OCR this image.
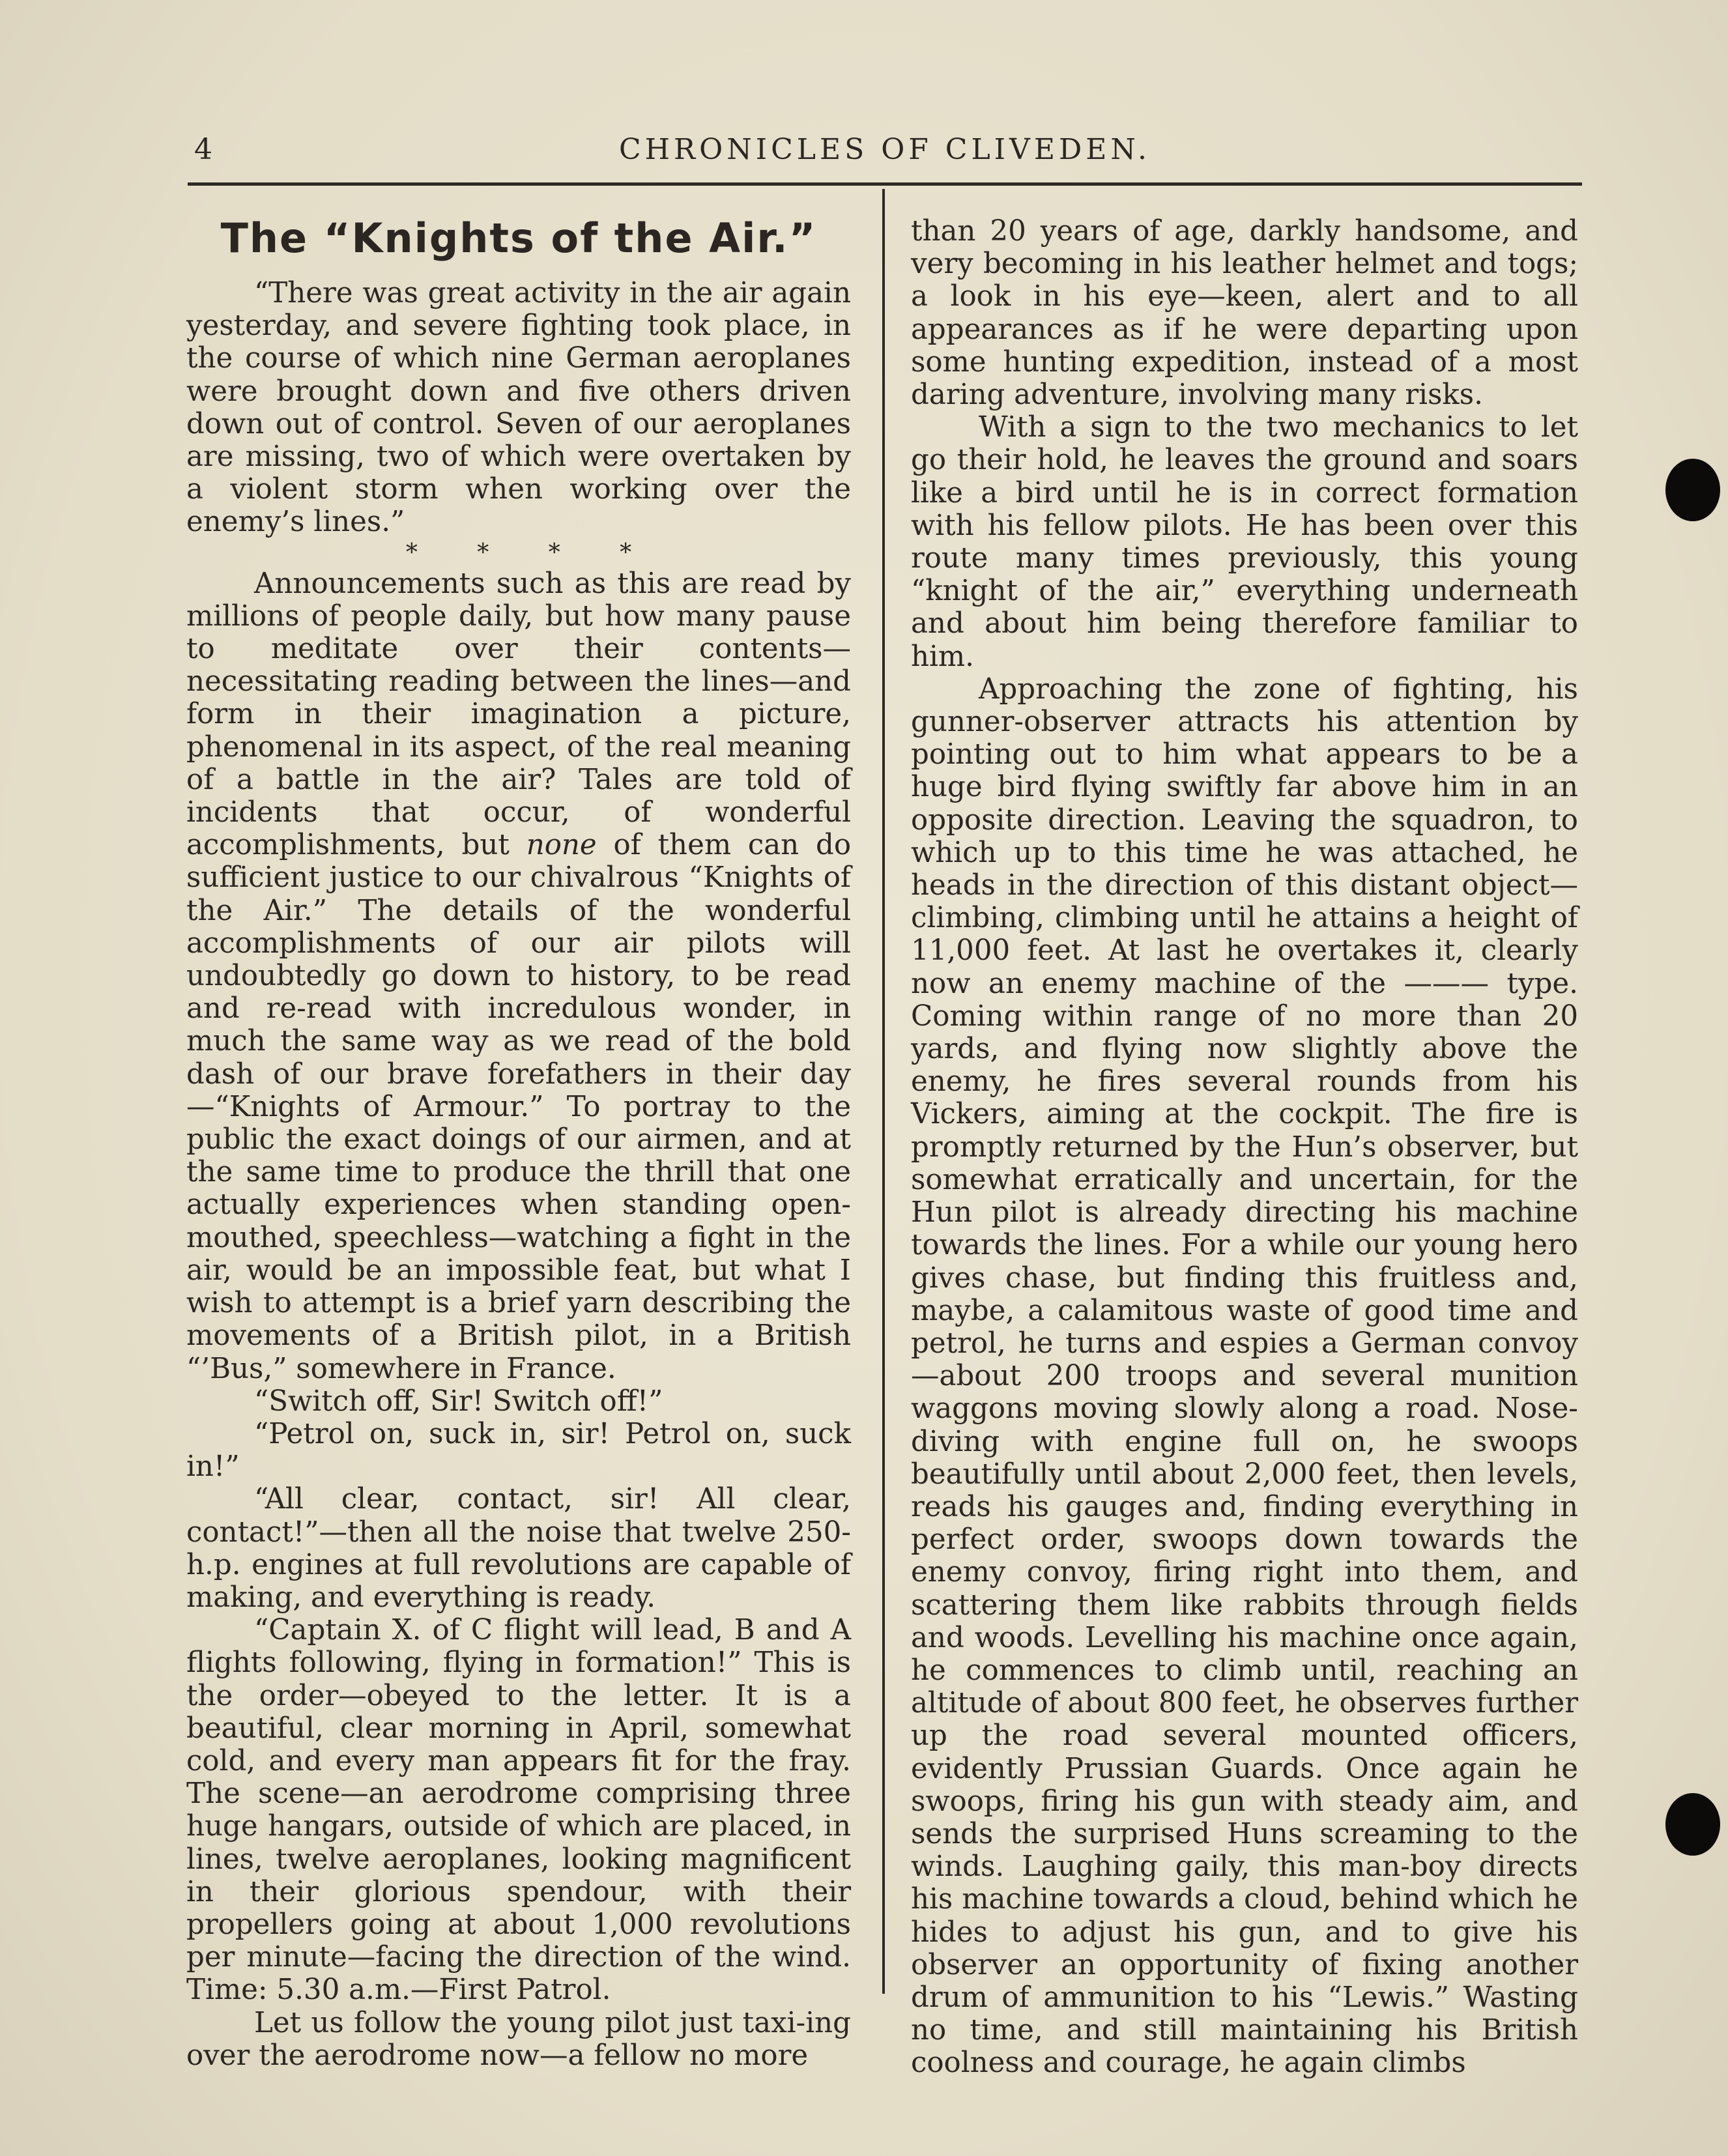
4	CHRONICLES OF CLIVEDEN.
The “Knights of the Air.”

“There was great activity in the air again yesterday, and severe fighting took place, in the course of which nine German aeroplanes were brought down and five others driven down out of control. Seven of our aeroplanes are missing, two of which were overtaken by a violent storm when working over the enemy’s lines.”

* * * *

Announcements such as this are read by millions of people daily, but how many pause to meditate over their contents—necessitating reading between the lines—and form in their imagination a picture, phenomenal in its aspect, of the real meaning of a battle in the air? Tales are told of incidents that occur, of wonderful accomplishments, but none of them can do sufficient justice to our chivalrous “Knights of the Air.” The details of the wonderful accomplishments of our air pilots will undoubtedly go down to history, to be read and re-read with incredulous wonder, in much the same way as we read of the bold dash of our brave forefathers in their day—“Knights of Armour.” To portray to the public the exact doings of our airmen, and at the same time to produce the thrill that one actually experiences when standing open-mouthed, speechless—watching a fight in the air, would be an impossible feat, but what I wish to attempt is a brief yarn describing the movements of a British pilot, in a British “’Bus,” somewhere in France.

“Switch off, Sir! Switch off!”

“Petrol on, suck in, sir! Petrol on, suck in!”

“All clear, contact, sir! All clear, contact!”—then all the noise that twelve 250-h.p. engines at full revolutions are capable of making, and everything is ready.

“Captain X. of C flight will lead, B and A flights following, flying in formation!” This is the order—obeyed to the letter. It is a beautiful, clear morning in April, somewhat cold, and every man appears fit for the fray. The scene—an aerodrome comprising three huge hangars, outside of which are placed, in lines, twelve aeroplanes, looking magnificent in their glorious spendour, with their propellers going at about 1,000 revolutions per minute—facing the direction of the wind. Time: 5.30 a.m.—First Patrol.

Let us follow the young pilot just taxi-ing over the aerodrome now—a fellow no more

than 20 years of age, darkly handsome, and very becoming in his leather helmet and togs; a look in his eye—keen, alert and to all appearances as if he were departing upon some hunting expedition, instead of a most daring adventure, involving many risks.

With a sign to the two mechanics to let go their hold, he leaves the ground and soars like a bird until he is in correct formation with his fellow pilots. He has been over this route many times previously, this young “knight of the air,” everything underneath and about him being therefore familiar to him.

Approaching the zone of fighting, his gunner-observer attracts his attention by pointing out to him what appears to be a huge bird flying swiftly far above him in an opposite direction. Leaving the squadron, to which up to this time he was attached, he heads in the direction of this distant object—climbing, climbing until he attains a height of 11,000 feet. At last he overtakes it, clearly now an enemy machine of the ——— type. Coming within range of no more than 20 yards, and flying now slightly above the enemy, he fires several rounds from his Vickers, aiming at the cockpit. The fire is promptly returned by the Hun’s observer, but somewhat erratically and uncertain, for the Hun pilot is already directing his machine towards the lines. For a while our young hero gives chase, but finding this fruitless and, maybe, a calamitous waste of good time and petrol, he turns and espies a German convoy—about 200 troops and several munition waggons moving slowly along a road. Nose-diving with engine full on, he swoops beautifully until about 2,000 feet, then levels, reads his gauges and, finding everything in perfect order, swoops down towards the enemy convoy, firing right into them, and scattering them like rabbits through fields and woods. Levelling his machine once again, he commences to climb until, reaching an altitude of about 800 feet, he observes further up the road several mounted officers, evidently Prussian Guards. Once again he swoops, firing his gun with steady aim, and sends the surprised Huns screaming to the winds. Laughing gaily, this man-boy directs his machine towards a cloud, behind which he hides to adjust his gun, and to give his observer an opportunity of fixing another drum of ammunition to his “Lewis.” Wasting no time, and still maintaining his British coolness and courage, he again climbs
